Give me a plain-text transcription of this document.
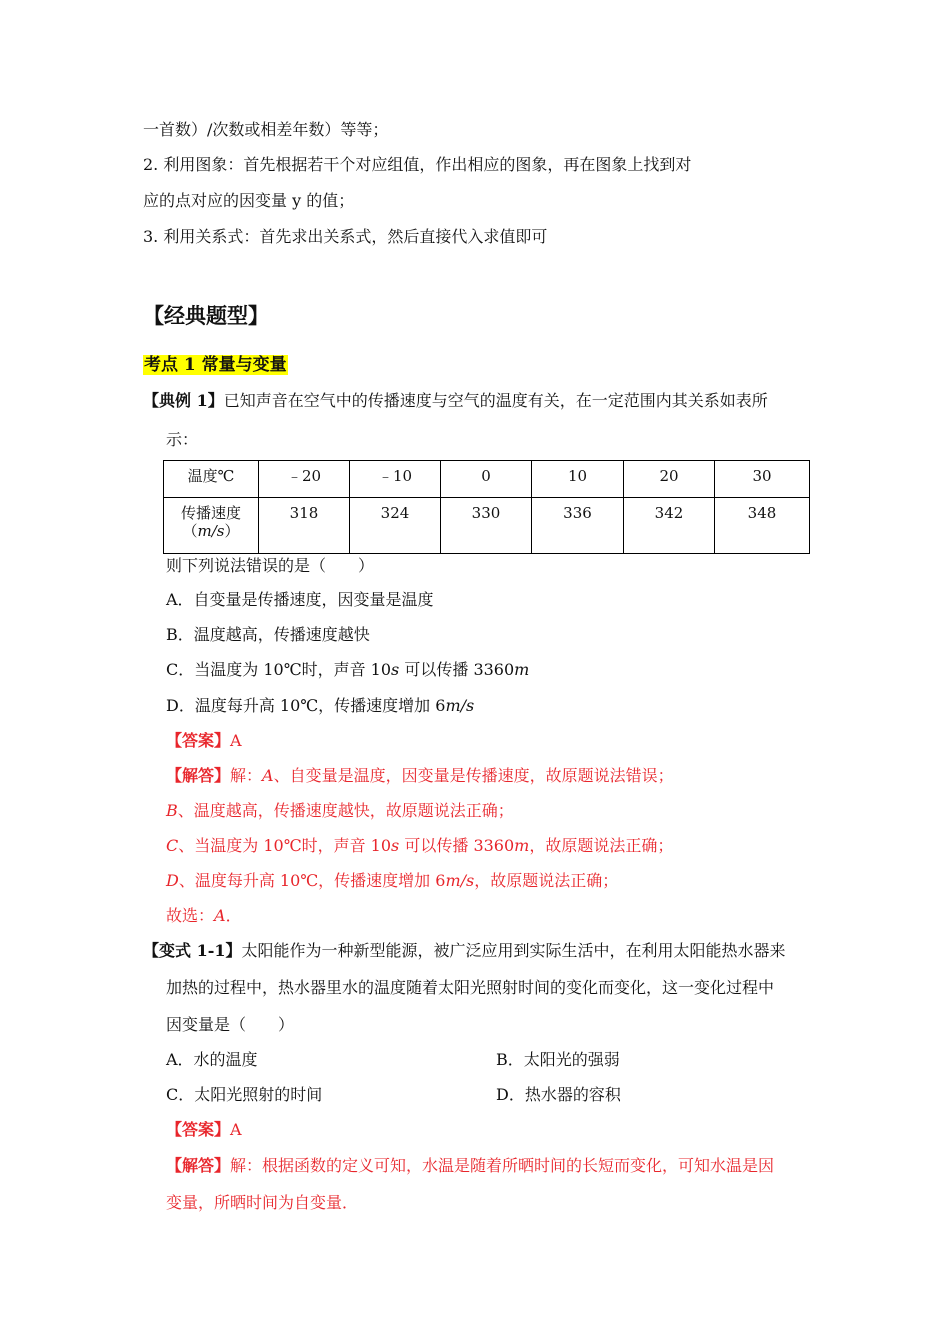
一首数）/次数或相差年数）等等；
2. 利用图象：首先根据若干个对应组值，作出相应的图象，再在图象上找到对
应的点对应的因变量 y 的值；
3. 利用关系式：首先求出关系式，然后直接代入求值即可
【经典题型】
考点 1 常量与变量
【典例 1】已知声音在空气中的传播速度与空气的温度有关，在一定范围内其关系如表所
示：
温度℃	﹣20	﹣10	0	10	20	30
传播速度
（m/s）	318	324	330	336	342	348
则下列说法错误的是（　　）
A．自变量是传播速度，因变量是温度
B．温度越高，传播速度越快
C．当温度为 10℃时，声音 10s 可以传播 3360m
D．温度每升高 10℃，传播速度增加 6m/s
【答案】A
【解答】解：A、自变量是温度，因变量是传播速度，故原题说法错误；
B、温度越高，传播速度越快，故原题说法正确；
C、当温度为 10℃时，声音 10s 可以传播 3360m，故原题说法正确；
D、温度每升高 10℃，传播速度增加 6m/s，故原题说法正确；
故选：A．
【变式 1-1】太阳能作为一种新型能源，被广泛应用到实际生活中，在利用太阳能热水器来
加热的过程中，热水器里水的温度随着太阳光照射时间的变化而变化，这一变化过程中
因变量是（　　）
A．水的温度	B．太阳光的强弱
C．太阳光照射的时间	D．热水器的容积
【答案】A
【解答】解：根据函数的定义可知，水温是随着所晒时间的长短而变化，可知水温是因
变量，所晒时间为自变量．
